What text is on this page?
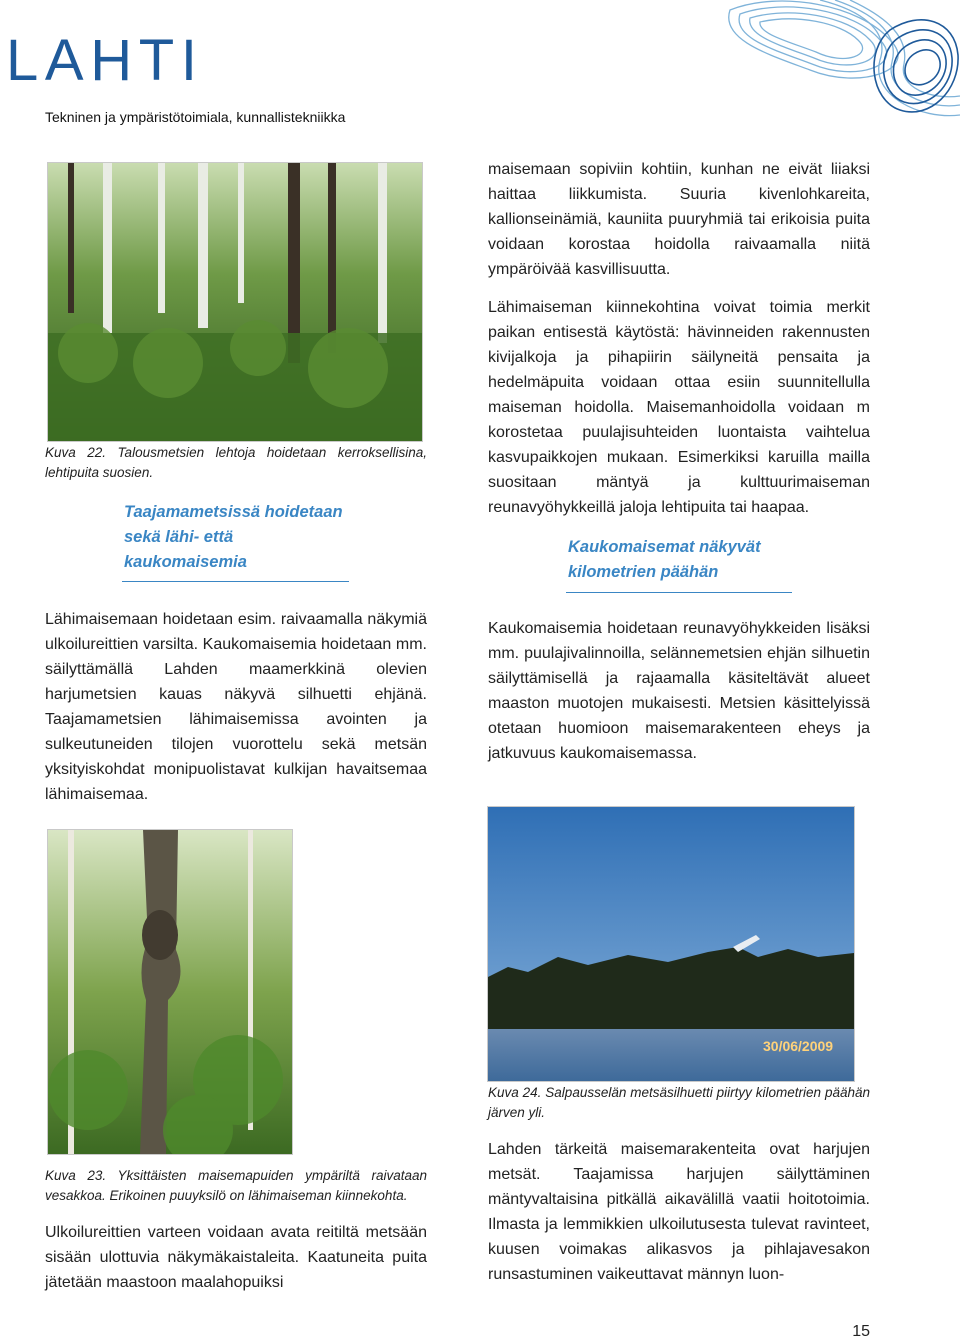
LAHTI
Tekninen ja ympäristötoimiala, kunnallistekniikka
Kuva 22. Talousmetsien lehtoja hoidetaan kerroksellisina, lehtipuita suosien.
Taajamametsissä hoidetaan sekä lähi- että kaukomaisemia

Lähimaisemaan hoidetaan esim. raivaamalla näkymiä ulkoilureittien varsilta. Kaukomaisemia hoidetaan mm. säilyttämällä Lahden maamerkkinä olevien harjumetsien kauas näkyvä silhuetti ehjänä. Taajamametsien lähimaisemissa avointen ja sulkeutuneiden tilojen vuorottelu sekä metsän yksityiskohdat monipuolistavat kulkijan havaitsemaa lähimaisemaa.

Kuva 23. Yksittäisten maisemapuiden ympäriltä raivataan vesakkoa. Erikoinen puuyksilö on lähimaiseman kiinnekohta.

Ulkoilureittien varteen voidaan avata reitiltä metsään sisään ulottuvia näkymäkaistaleita. Kaatuneita puita jätetään maastoon maalahopuiksi

maisemaan sopiviin kohtiin, kunhan ne eivät liiaksi haittaa liikkumista. Suuria kivenlohkareita, kallionseinämiä, kauniita puuryhmiä tai erikoisia puita voidaan korostaa hoidolla raivaamalla niitä ympäröivää kasvillisuutta.

Lähimaiseman kiinnekohtina voivat toimia merkit paikan entisestä käytöstä: hävinneiden rakennusten kivijalkoja ja pihapiirin säilyneitä pensaita ja hedelmäpuita voidaan ottaa esiin suunnitellulla maiseman hoidolla. Maisemanhoidolla voidaan m korostetaa puulajisuhteiden luontaista vaihtelua kasvupaikkojen mukaan. Esimerkiksi karuilla mailla suositaan mäntyä ja kulttuurimaiseman reunavyöhykkeillä jaloja lehtipuita tai haapaa.

Kaukomaisemat näkyvät kilometrien päähän

Kaukomaisemia hoidetaan reunavyöhykkeiden lisäksi mm. puulajivalinnoilla, selännemetsien ehjän silhuetin säilyttämisellä ja rajaamalla käsiteltävät alueet maaston muotojen mukaisesti. Metsien käsittelyissä otetaan huomioon maisemarakenteen eheys ja jatkuvuus kaukomaisemassa.

30/06/2009
Kuva 24. Salpausselän metsäsilhuetti piirtyy kilometrien päähän järven yli.

Lahden tärkeitä maisemarakenteita ovat harjujen metsät. Taajamissa harjujen säilyttäminen mäntyvaltaisina pitkällä aikavälillä vaatii hoitotoimia. Ilmasta ja lemmikkien ulkoilutusesta tulevat ravinteet, kuusen voimakas alikasvos ja pihlajavesakon runsastuminen vaikeuttavat männyn luon-

15
